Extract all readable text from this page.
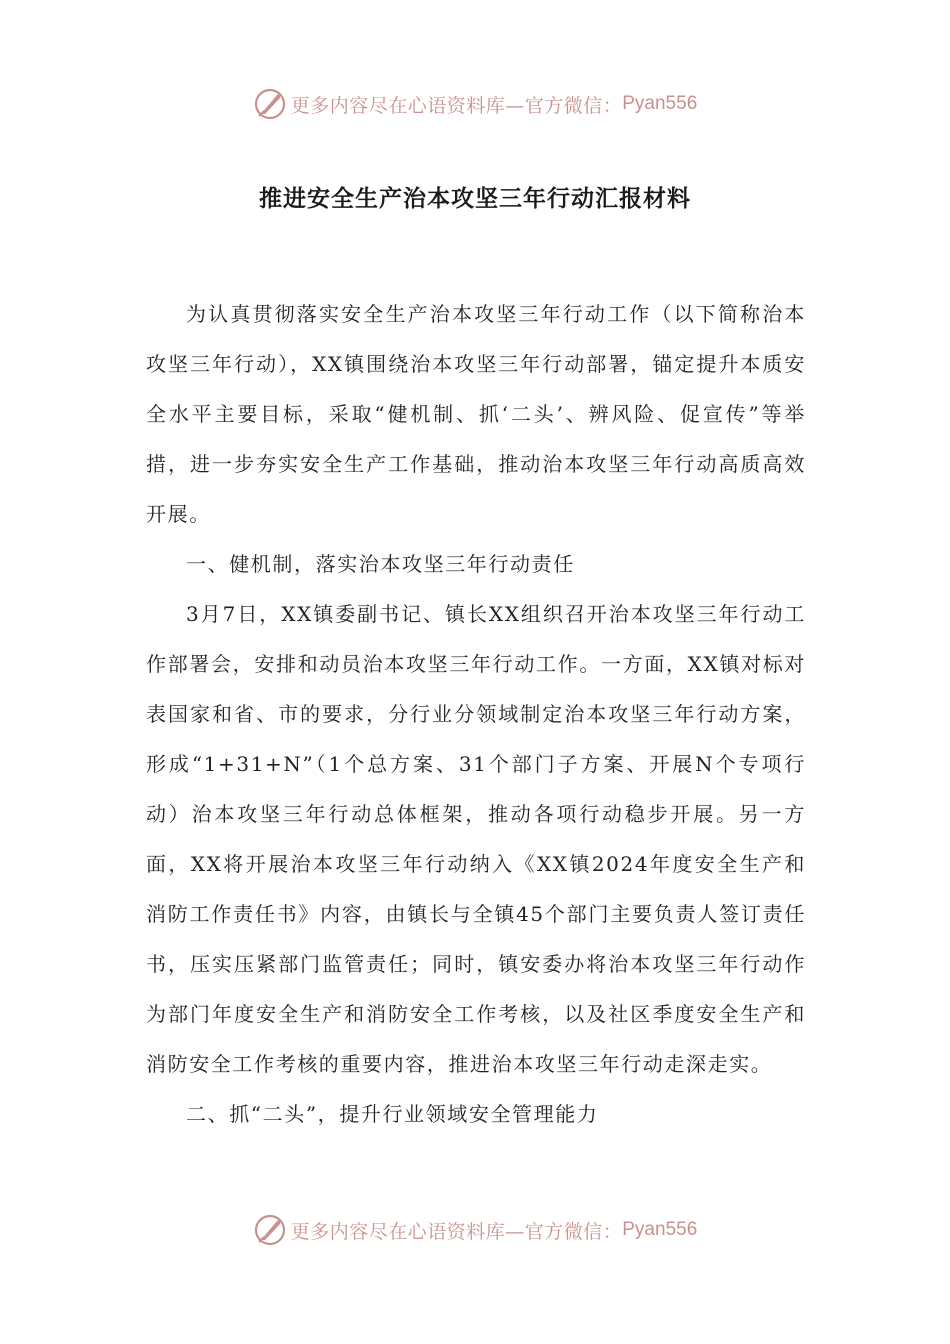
更多内容尽在心语资料库—官方微信： Pyan556
推进安全生产治本攻坚三年行动汇报材料

为认真贯彻落实安全生产治本攻坚三年行动工作（以下简称治本攻坚三年行动），XX镇围绕治本攻坚三年行动部署，锚定提升本质安全水平主要目标，采取“健机制、抓‘二头’、辨风险、促宣传”等举措，进一步夯实安全生产工作基础，推动治本攻坚三年行动高质高效开展。

一、健机制，落实治本攻坚三年行动责任

3月7日，XX镇委副书记、镇长XX组织召开治本攻坚三年行动工作部署会，安排和动员治本攻坚三年行动工作。一方面，XX镇对标对表国家和省、市的要求，分行业分领域制定治本攻坚三年行动方案，形成“1+31+N”（1个总方案、31个部门子方案、开展N个专项行动）治本攻坚三年行动总体框架，推动各项行动稳步开展。另一方面，XX将开展治本攻坚三年行动纳入《XX镇2024年度安全生产和消防工作责任书》内容，由镇长与全镇45个部门主要负责人签订责任书，压实压紧部门监管责任；同时，镇安委办将治本攻坚三年行动作为部门年度安全生产和消防安全工作考核，以及社区季度安全生产和消防安全工作考核的重要内容，推进治本攻坚三年行动走深走实。

二、抓“二头”，提升行业领域安全管理能力

更多内容尽在心语资料库—官方微信： Pyan556
